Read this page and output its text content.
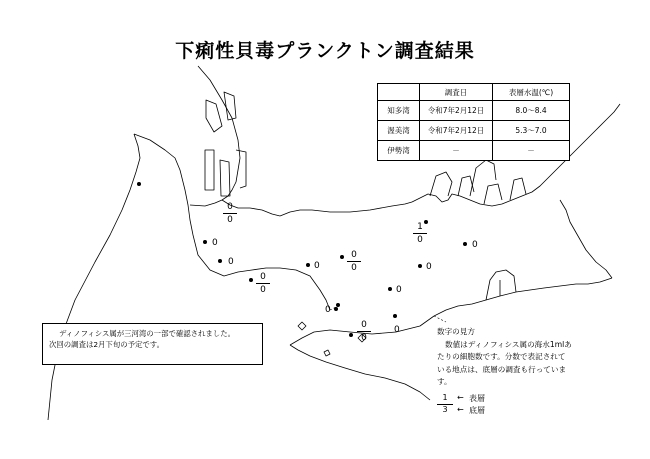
下痢性貝毒プランクトン調査結果
	調査日	表層水温(℃)
知多湾	令和7年2月12日	8.0～8.4
渥美湾	令和7年2月12日	5.3～7.0
伊勢湾	－	－
$\frac{0}{0}$
0	$\frac{1}{0}$	0
0	$\frac{0}{0}$
$\frac{0}{0}$
0	0
0
0
0
$\frac{0}{0}$
ディノフィシス属が三河湾の一部で確認されました。
次回の調査は2月下旬の予定です。
数字の見方
数値はディノフィシス属の海水1mlあ
たりの細胞数です。分数で表記されて
いる地点は、底層の調査も行っていま
す。
1	← 表層
3	← 底層
